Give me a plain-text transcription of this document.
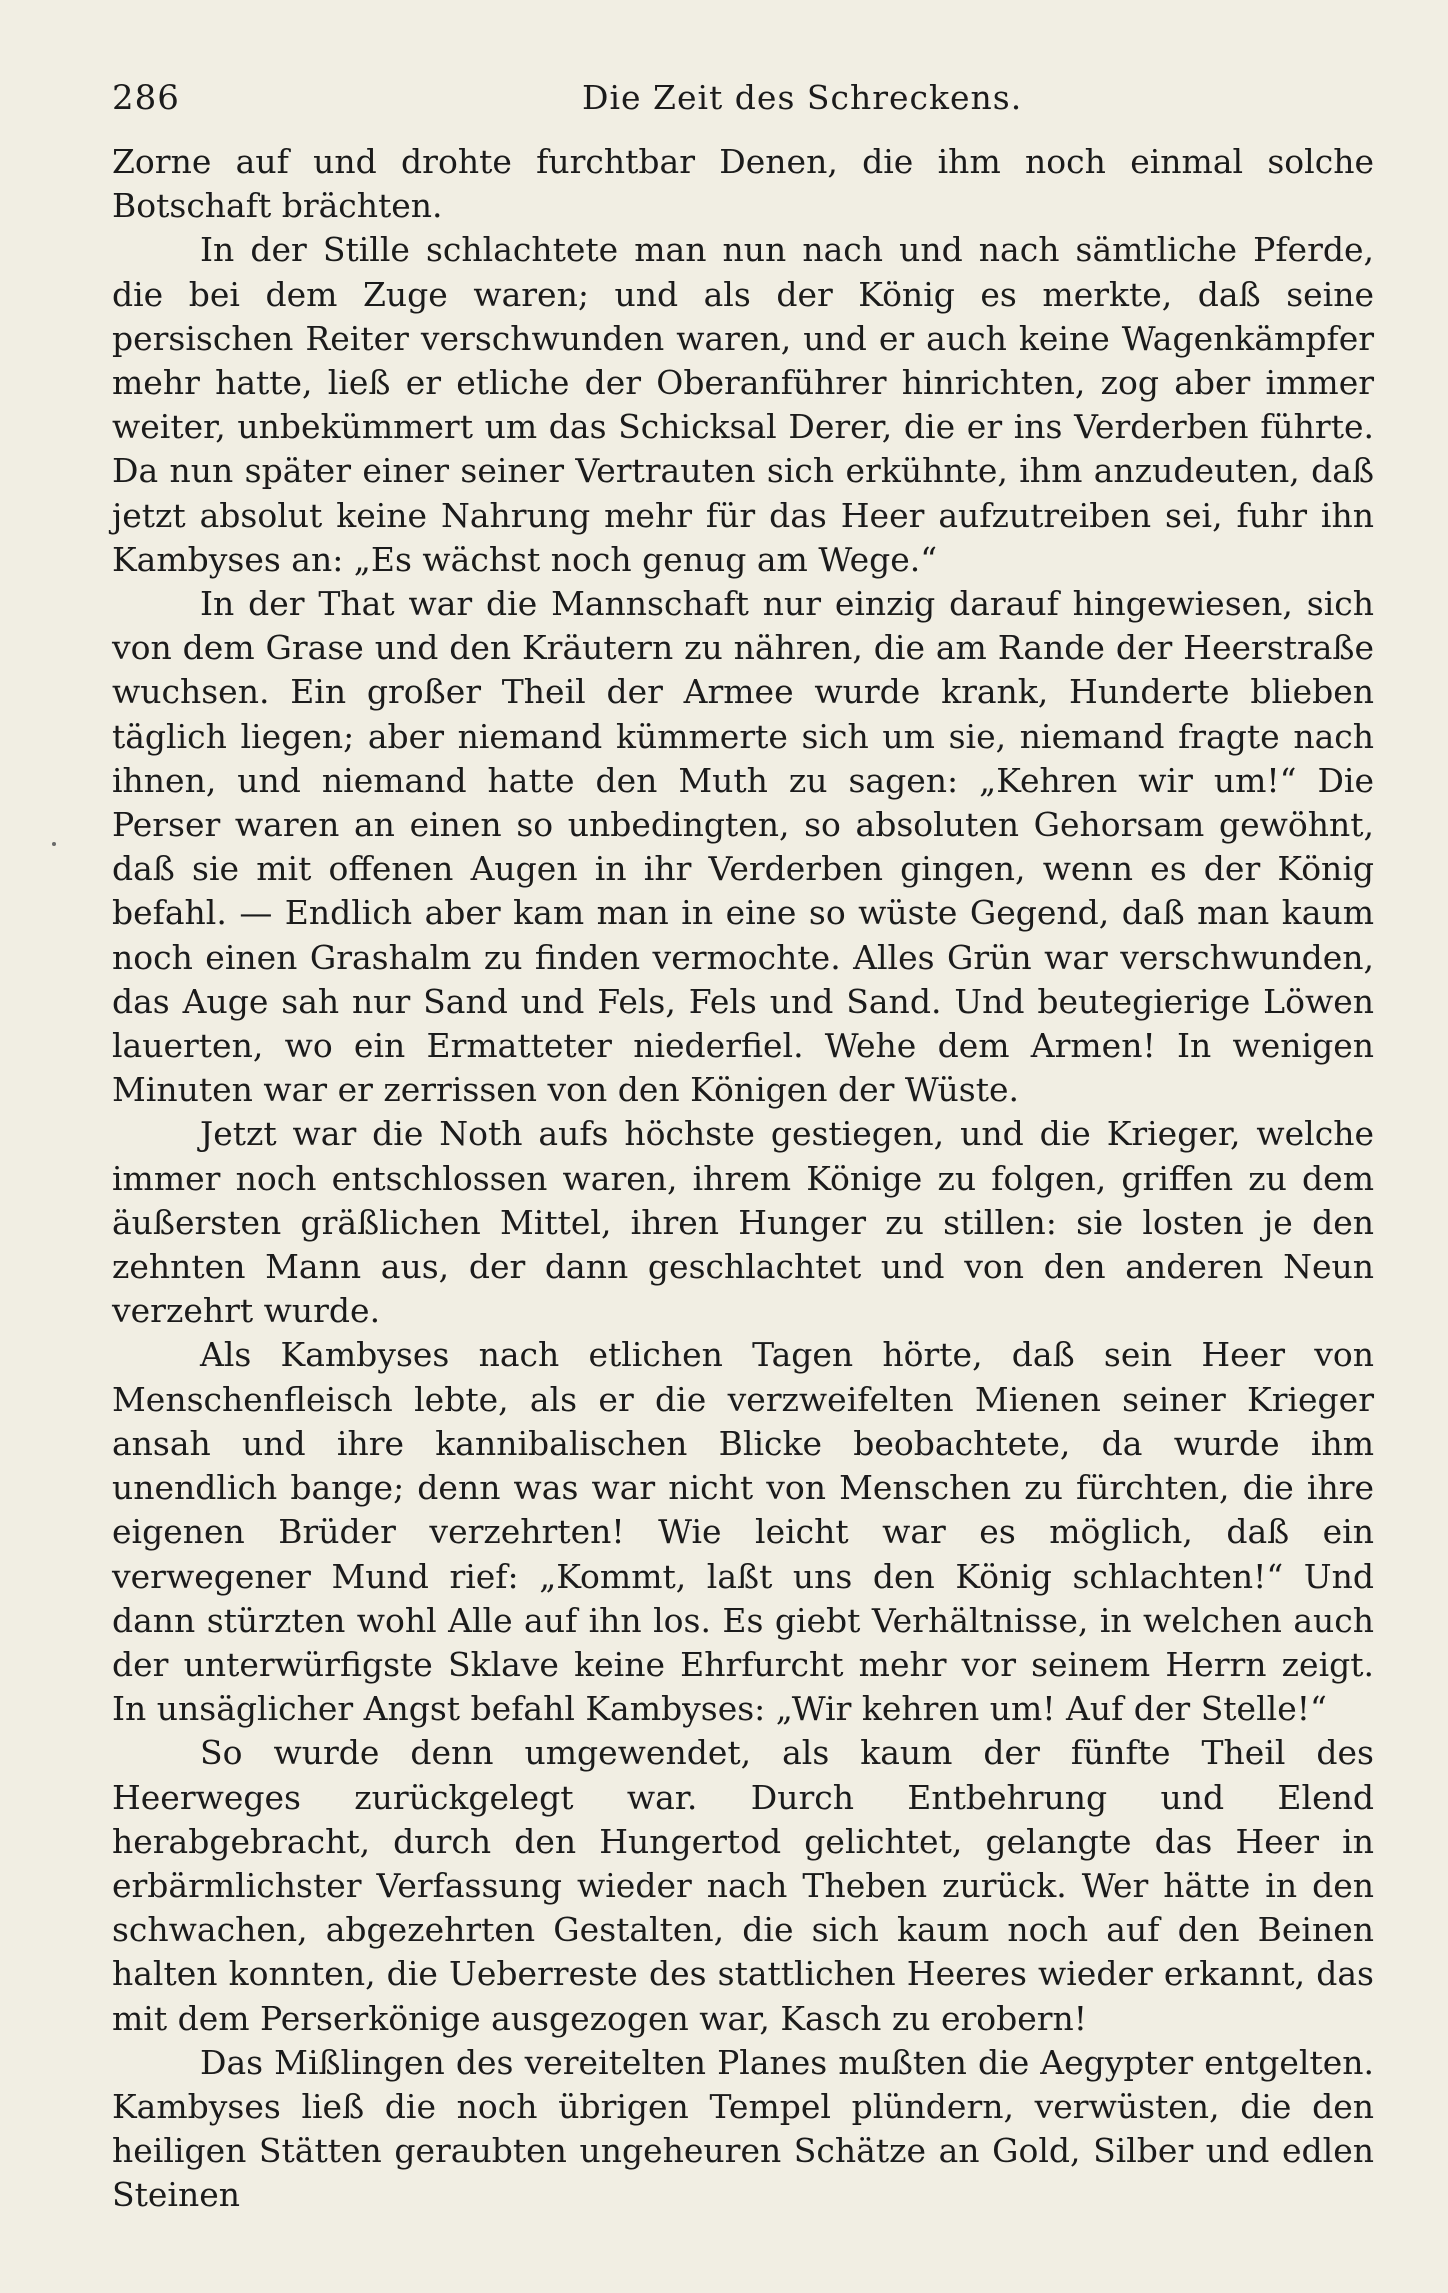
286	Die Zeit des Schreckens.

Zorne auf und drohte furchtbar Denen, die ihm noch einmal solche Botschaft brächten.

In der Stille schlachtete man nun nach und nach sämtliche Pferde, die bei dem Zuge waren; und als der König es merkte, daß seine persischen Reiter verschwunden waren, und er auch keine Wagenkämpfer mehr hatte, ließ er etliche der Oberanführer hinrichten, zog aber immer weiter, unbekümmert um das Schicksal Derer, die er ins Verderben führte. Da nun später einer seiner Vertrauten sich erkühnte, ihm anzudeuten, daß jetzt absolut keine Nahrung mehr für das Heer aufzutreiben sei, fuhr ihn Kambyses an: „Es wächst noch genug am Wege.“

In der That war die Mannschaft nur einzig darauf hingewiesen, sich von dem Grase und den Kräutern zu nähren, die am Rande der Heerstraße wuchsen. Ein großer Theil der Armee wurde krank, Hunderte blieben täglich liegen; aber niemand kümmerte sich um sie, niemand fragte nach ihnen, und niemand hatte den Muth zu sagen: „Kehren wir um!“ Die Perser waren an einen so unbedingten, so absoluten Gehorsam gewöhnt, daß sie mit offenen Augen in ihr Verderben gingen, wenn es der König befahl. — Endlich aber kam man in eine so wüste Gegend, daß man kaum noch einen Grashalm zu finden vermochte. Alles Grün war verschwunden, das Auge sah nur Sand und Fels, Fels und Sand. Und beutegierige Löwen lauerten, wo ein Ermatteter niederfiel. Wehe dem Armen! In wenigen Minuten war er zerrissen von den Königen der Wüste.

Jetzt war die Noth aufs höchste gestiegen, und die Krieger, welche immer noch entschlossen waren, ihrem Könige zu folgen, griffen zu dem äußersten gräßlichen Mittel, ihren Hunger zu stillen: sie losten je den zehnten Mann aus, der dann geschlachtet und von den anderen Neun verzehrt wurde.

Als Kambyses nach etlichen Tagen hörte, daß sein Heer von Menschenfleisch lebte, als er die verzweifelten Mienen seiner Krieger ansah und ihre kannibalischen Blicke beobachtete, da wurde ihm unendlich bange; denn was war nicht von Menschen zu fürchten, die ihre eigenen Brüder verzehrten! Wie leicht war es möglich, daß ein verwegener Mund rief: „Kommt, laßt uns den König schlachten!“ Und dann stürzten wohl Alle auf ihn los. Es giebt Verhältnisse, in welchen auch der unterwürfigste Sklave keine Ehrfurcht mehr vor seinem Herrn zeigt. In unsäglicher Angst befahl Kambyses: „Wir kehren um! Auf der Stelle!“

So wurde denn umgewendet, als kaum der fünfte Theil des Heerweges zurückgelegt war. Durch Entbehrung und Elend herabgebracht, durch den Hungertod gelichtet, gelangte das Heer in erbärmlichster Verfassung wieder nach Theben zurück. Wer hätte in den schwachen, abgezehrten Gestalten, die sich kaum noch auf den Beinen halten konnten, die Ueberreste des stattlichen Heeres wieder erkannt, das mit dem Perserkönige ausgezogen war, Kasch zu erobern!

Das Mißlingen des vereitelten Planes mußten die Aegypter entgelten. Kambyses ließ die noch übrigen Tempel plündern, verwüsten, die den heiligen Stätten geraubten ungeheuren Schätze an Gold, Silber und edlen Steinen
